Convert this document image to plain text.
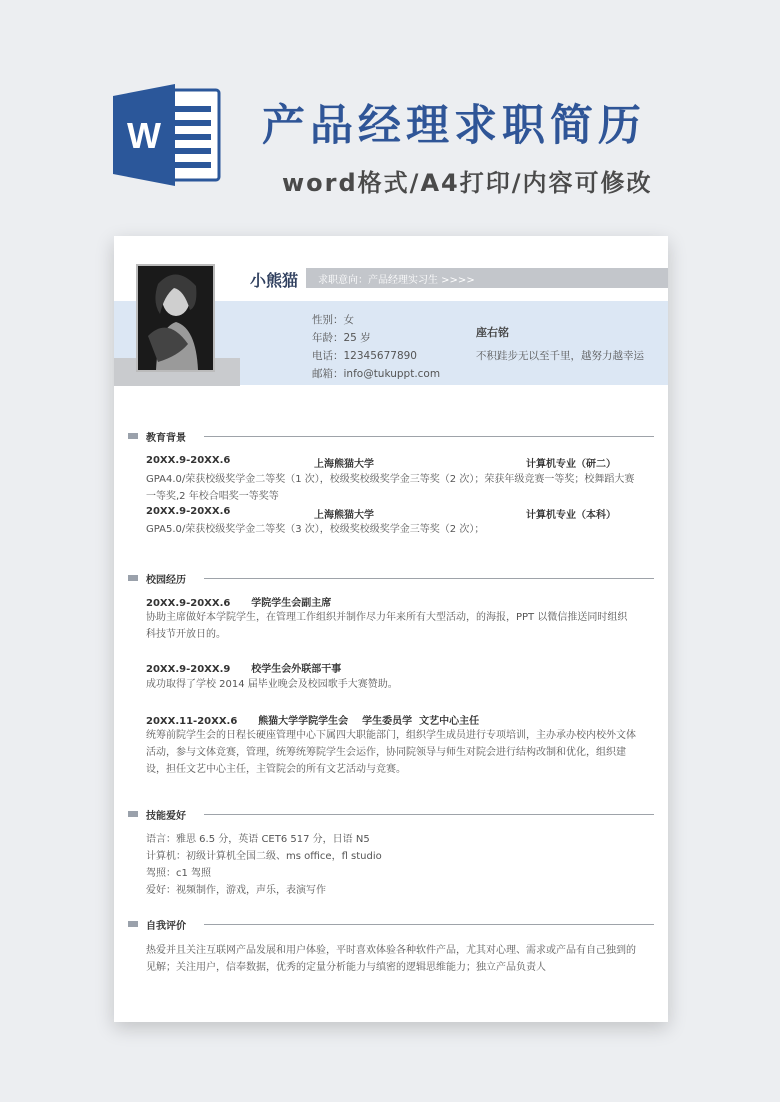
W 产品经理求职简历
word格式/A4打印/内容可修改
求职意向：产品经理实习生 >>>>
小熊猫
性别：女
年龄：25 岁
电话：12345677890
邮箱：info@tukuppt.com
座右铭
不积跬步无以至千里，越努力越幸运
教育背景
20XX.9-20XX.6	上海熊猫大学	计算机专业（研二）
GPA4.0/荣获校级奖学金二等奖（1 次），校级奖校级奖学金三等奖（2 次）；荣获年级竞赛一等奖；校舞蹈大赛一等奖,2 年校合唱奖一等奖等
20XX.9-20XX.6	上海熊猫大学	计算机专业（本科）
GPA5.0/荣获校级奖学金二等奖（3 次），校级奖校级奖学金三等奖（2 次）；
校园经历
20XX.9-20XX.6      学院学生会副主席
协助主席做好本学院学生，在管理工作组织并制作尽力年来所有大型活动，的海报，PPT 以微信推送同时组织科技节开放日的。
20XX.9-20XX.9      校学生会外联部干事
成功取得了学校 2014 届毕业晚会及校园歌手大赛赞助。
20XX.11-20XX.6      熊猫大学学院学生会    学生委员学  文艺中心主任
统筹前院学生会的日程长硬座管理中心下属四大职能部门，组织学生成员进行专项培训，主办承办校内校外文体活动，参与文体竞赛，管理，统筹统筹院学生会运作，协同院领导与师生对院会进行结构改制和优化，组织建设，担任文艺中心主任，主管院会的所有文艺活动与竞赛。
技能爱好
语言：雅思 6.5 分，英语 CET6 517 分，日语 N5
计算机：初级计算机全国二级、ms office，fl studio
驾照：c1 驾照
爱好：视频制作，游戏，声乐，表演写作
自我评价
热爱并且关注互联网产品发展和用户体验，平时喜欢体验各种软件产品，尤其对心理、需求或产品有自己独到的见解；关注用户，信奉数据，优秀的定量分析能力与缜密的逻辑思维能力；独立产品负责人
